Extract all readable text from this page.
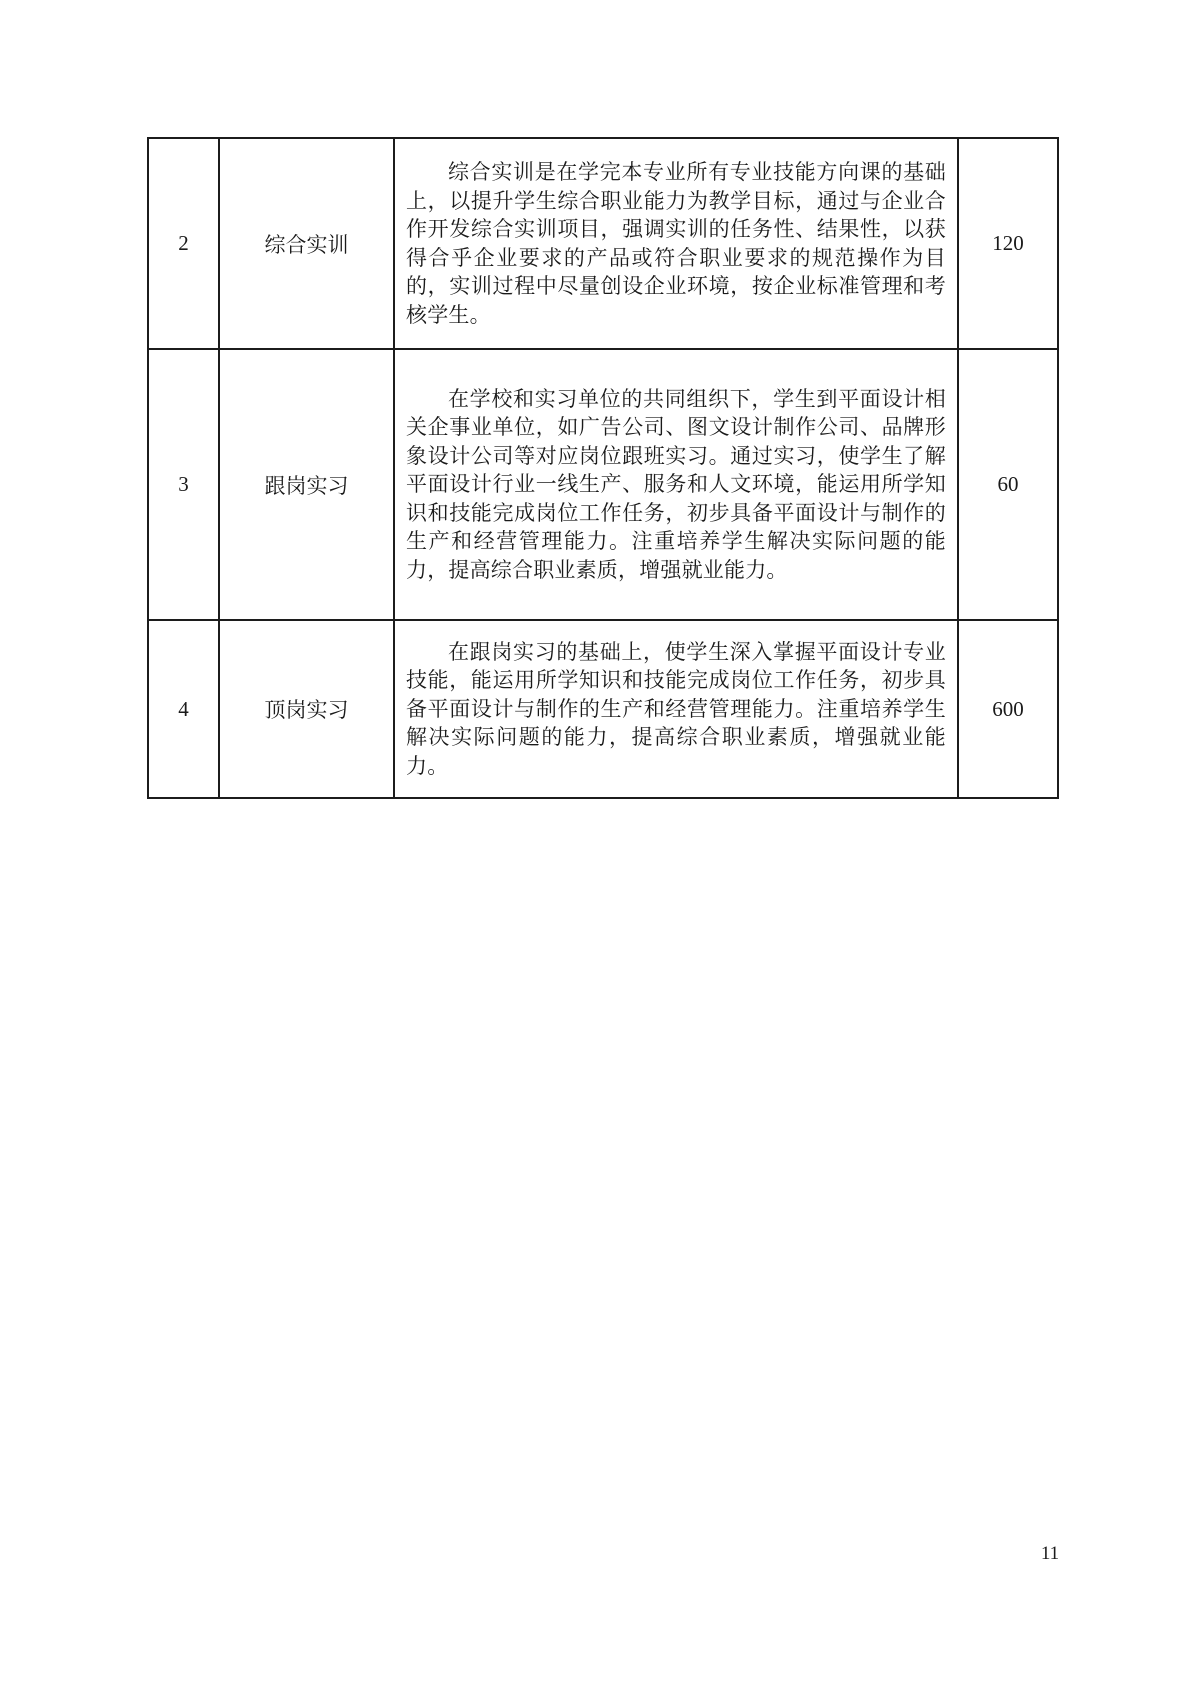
2	综合实训	综合实训是在学完本专业所有专业技能方向课的基础上，以提升学生综合职业能力为教学目标，通过与企业合作开发综合实训项目，强调实训的任务性、结果性，以获得合乎企业要求的产品或符合职业要求的规范操作为目的，实训过程中尽量创设企业环境，按企业标准管理和考核学生。	120
3	跟岗实习	在学校和实习单位的共同组织下，学生到平面设计相关企事业单位，如广告公司、图文设计制作公司、品牌形象设计公司等对应岗位跟班实习。通过实习，使学生了解平面设计行业一线生产、服务和人文环境，能运用所学知识和技能完成岗位工作任务，初步具备平面设计与制作的生产和经营管理能力。注重培养学生解决实际问题的能力，提高综合职业素质，增强就业能力。	60
4	顶岗实习	在跟岗实习的基础上，使学生深入掌握平面设计专业技能，能运用所学知识和技能完成岗位工作任务，初步具备平面设计与制作的生产和经营管理能力。注重培养学生解决实际问题的能力，提高综合职业素质，增强就业能力。	600
11
